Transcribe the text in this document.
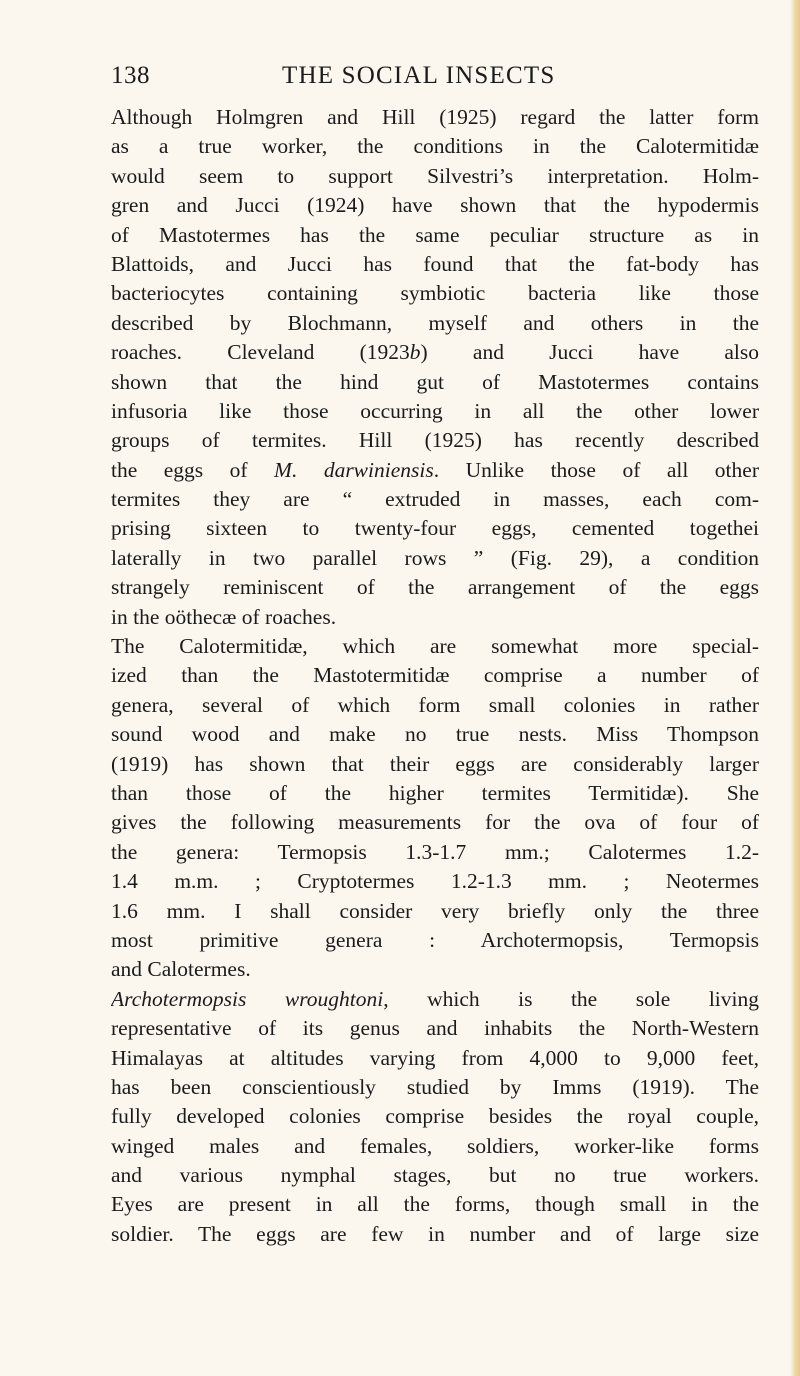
138	THE SOCIAL INSECTS
Although Holmgren and Hill (1925) regard the latter form
as a true worker, the conditions in the Calotermitidæ
would seem to support Silvestri’s interpretation. Holm-
gren and Jucci (1924) have shown that the hypodermis
of Mastotermes has the same peculiar structure as in
Blattoids, and Jucci has found that the fat-body has
bacteriocytes containing symbiotic bacteria like those
described by Blochmann, myself and others in the
roaches. Cleveland (1923b) and Jucci have also
shown that the hind gut of Mastotermes contains
infusoria like those occurring in all the other lower
groups of termites. Hill (1925) has recently described
the eggs of M. darwiniensis. Unlike those of all other
termites they are “ extruded in masses, each com-
prising sixteen to twenty-four eggs, cemented togethei
laterally in two parallel rows ” (Fig. 29), a condition
strangely reminiscent of the arrangement of the eggs
in the oöthecæ of roaches.
The Calotermitidæ, which are somewhat more special-
ized than the Mastotermitidæ comprise a number of
genera, several of which form small colonies in rather
sound wood and make no true nests. Miss Thompson
(1919) has shown that their eggs are considerably larger
than those of the higher termites Termitidæ). She
gives the following measurements for the ova of four of
the genera: Termopsis 1.3-1.7 mm.; Calotermes 1.2-
1.4 m.m. ; Cryptotermes 1.2-1.3 mm. ; Neotermes
1.6 mm. I shall consider very briefly only the three
most primitive genera : Archotermopsis, Termopsis
and Calotermes.
Archotermopsis wroughtoni, which is the sole living
representative of its genus and inhabits the North-Western
Himalayas at altitudes varying from 4,000 to 9,000 feet,
has been conscientiously studied by Imms (1919). The
fully developed colonies comprise besides the royal couple,
winged males and females, soldiers, worker-like forms
and various nymphal stages, but no true workers.
Eyes are present in all the forms, though small in the
soldier. The eggs are few in number and of large size
